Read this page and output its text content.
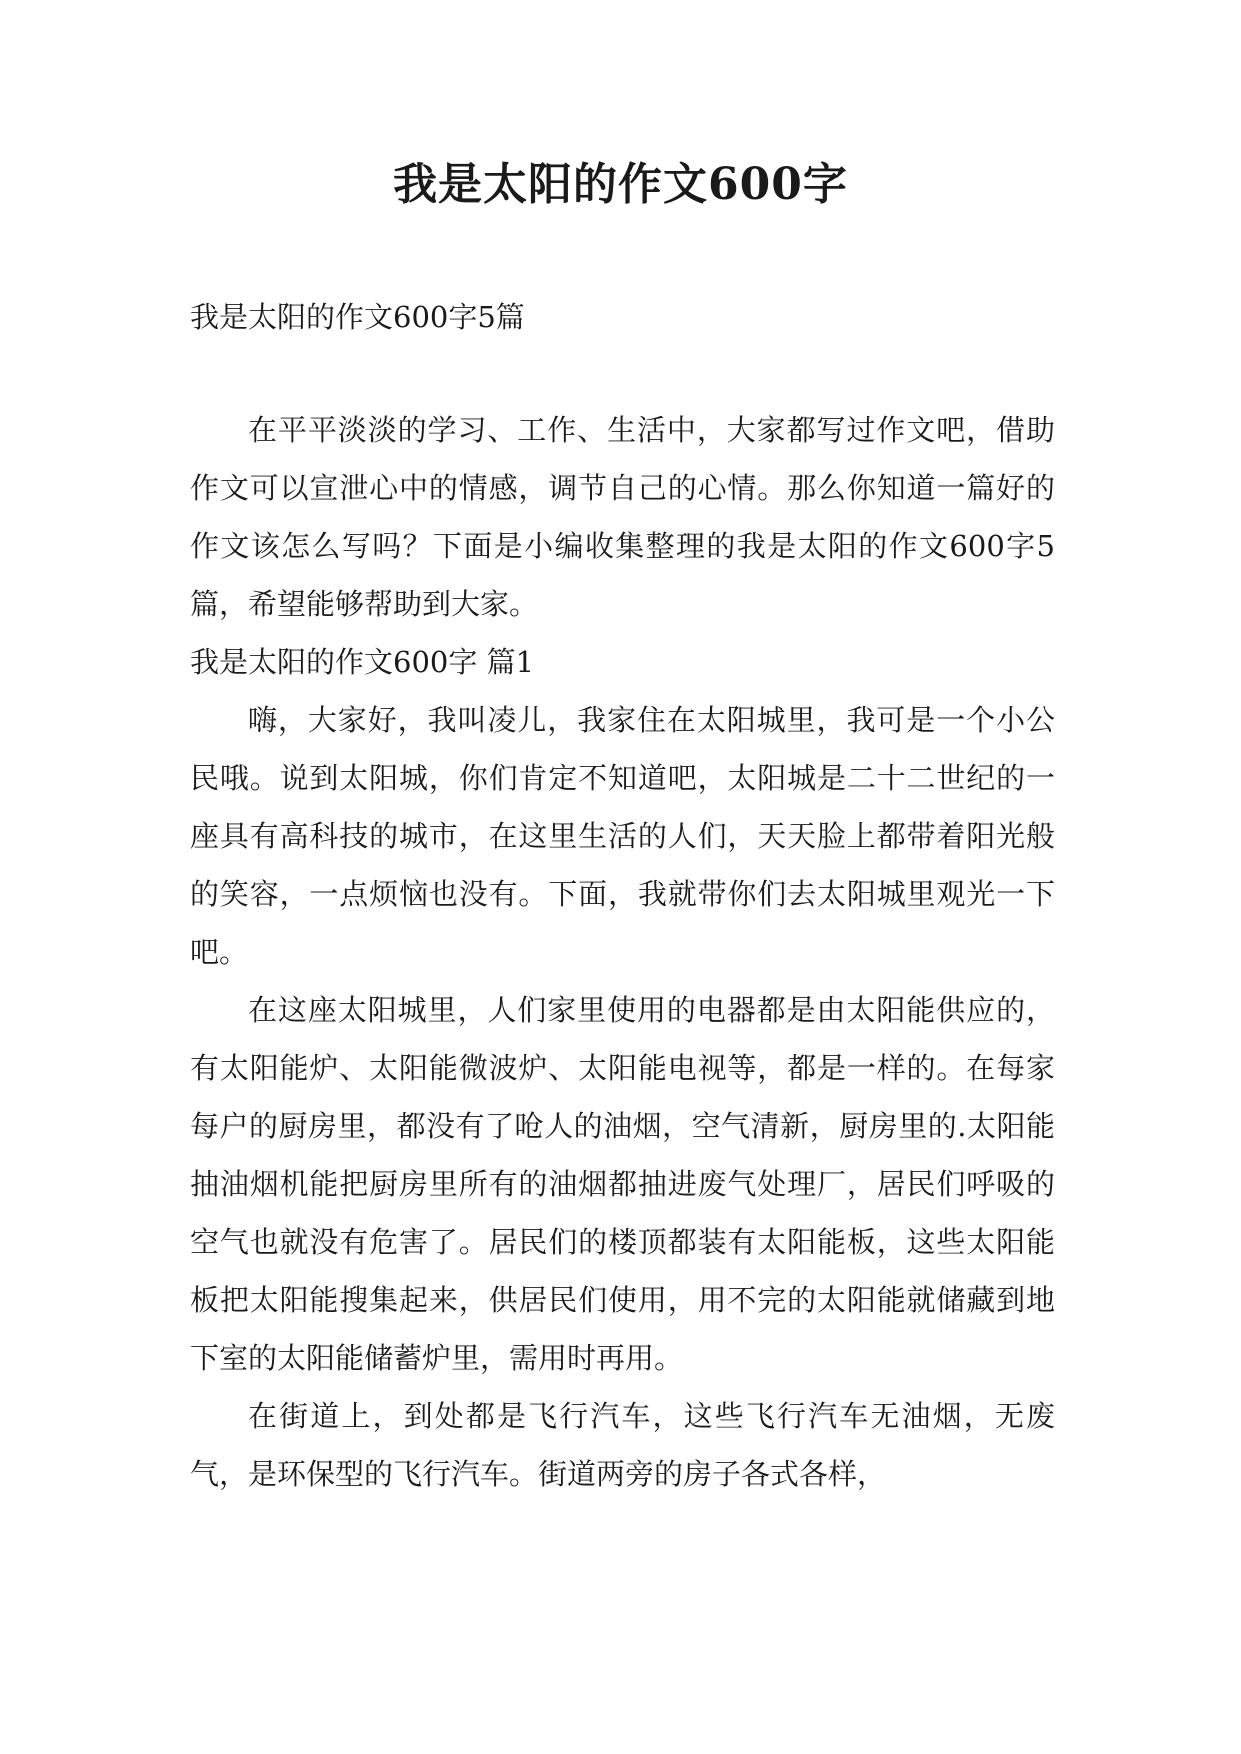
我是太阳的作文600字

我是太阳的作文600字5篇

在平平淡淡的学习、工作、生活中，大家都写过作文吧，借助作文可以宣泄心中的情感，调节自己的心情。那么你知道一篇好的作文该怎么写吗？下面是小编收集整理的我是太阳的作文600字5篇，希望能够帮助到大家。

我是太阳的作文600字 篇1

嗨，大家好，我叫凌儿，我家住在太阳城里，我可是一个小公民哦。说到太阳城，你们肯定不知道吧，太阳城是二十二世纪的一座具有高科技的城市，在这里生活的人们，天天脸上都带着阳光般的笑容，一点烦恼也没有。下面，我就带你们去太阳城里观光一下吧。

在这座太阳城里，人们家里使用的电器都是由太阳能供应的，有太阳能炉、太阳能微波炉、太阳能电视等，都是一样的。在每家每户的厨房里，都没有了呛人的油烟，空气清新，厨房里的.太阳能抽油烟机能把厨房里所有的油烟都抽进废气处理厂，居民们呼吸的空气也就没有危害了。居民们的楼顶都装有太阳能板，这些太阳能板把太阳能搜集起来，供居民们使用，用不完的太阳能就储藏到地下室的太阳能储蓄炉里，需用时再用。

在街道上，到处都是飞行汽车，这些飞行汽车无油烟，无废气，是环保型的飞行汽车。街道两旁的房子各式各样，
